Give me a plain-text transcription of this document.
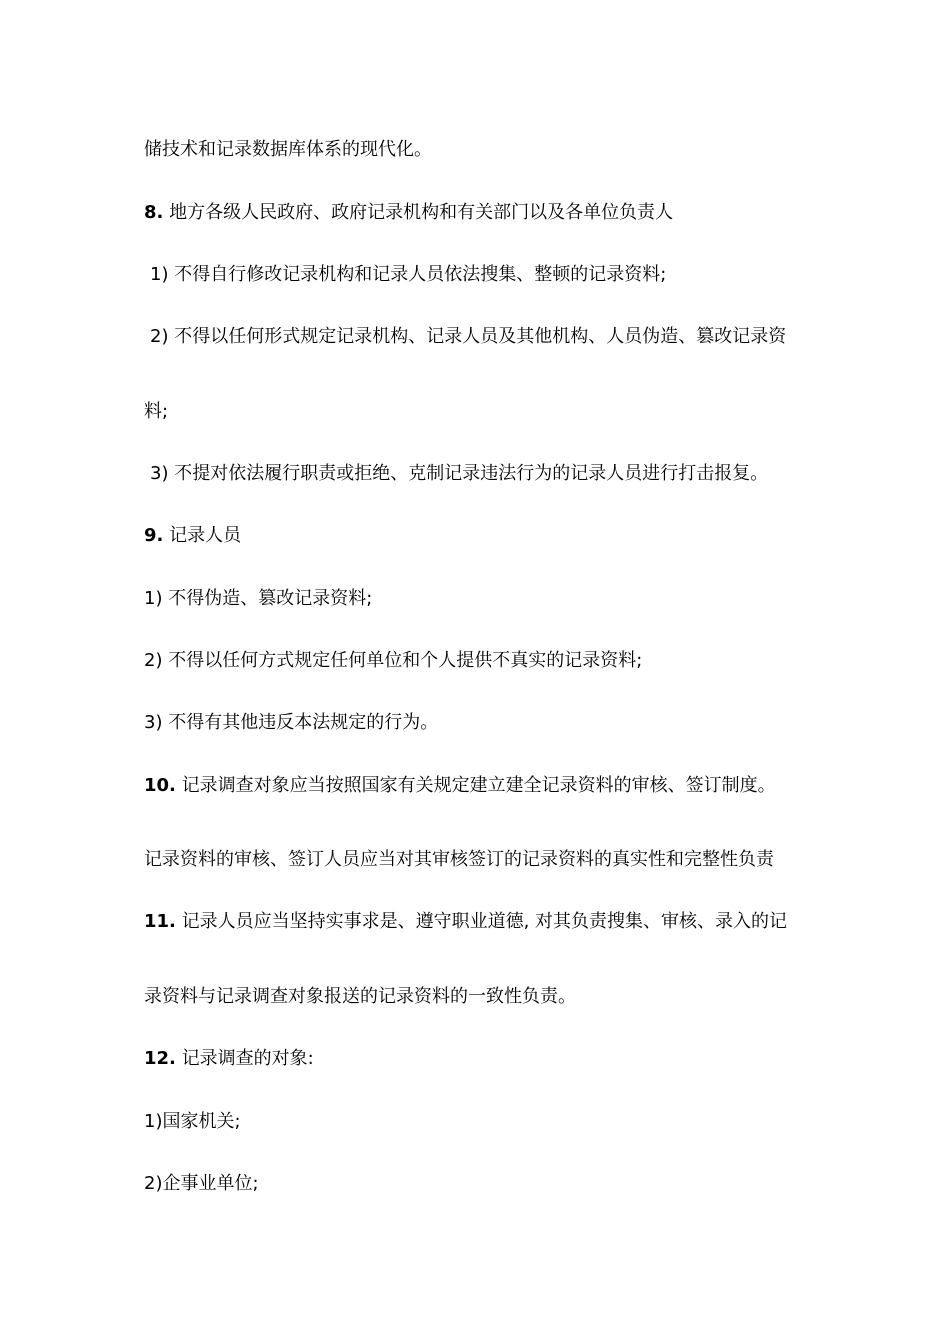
储技术和记录数据库体系的现代化。
8. 地方各级人民政府、政府记录机构和有关部门以及各单位负责人
1) 不得自行修改记录机构和记录人员依法搜集、整顿的记录资料;
2) 不得以任何形式规定记录机构、记录人员及其他机构、人员伪造、篡改记录资
料;
3) 不提对依法履行职责或拒绝、克制记录违法行为的记录人员进行打击报复。
9. 记录人员
1) 不得伪造、篡改记录资料;
2) 不得以任何方式规定任何单位和个人提供不真实的记录资料;
3) 不得有其他违反本法规定的行为。
10. 记录调查对象应当按照国家有关规定建立建全记录资料的审核、签订制度。
记录资料的审核、签订人员应当对其审核签订的记录资料的真实性和完整性负责
11. 记录人员应当坚持实事求是、遵守职业道德, 对其负责搜集、审核、录入的记
录资料与记录调查对象报送的记录资料的一致性负责。
12. 记录调查的对象:
1)国家机关;
2)企事业单位;
